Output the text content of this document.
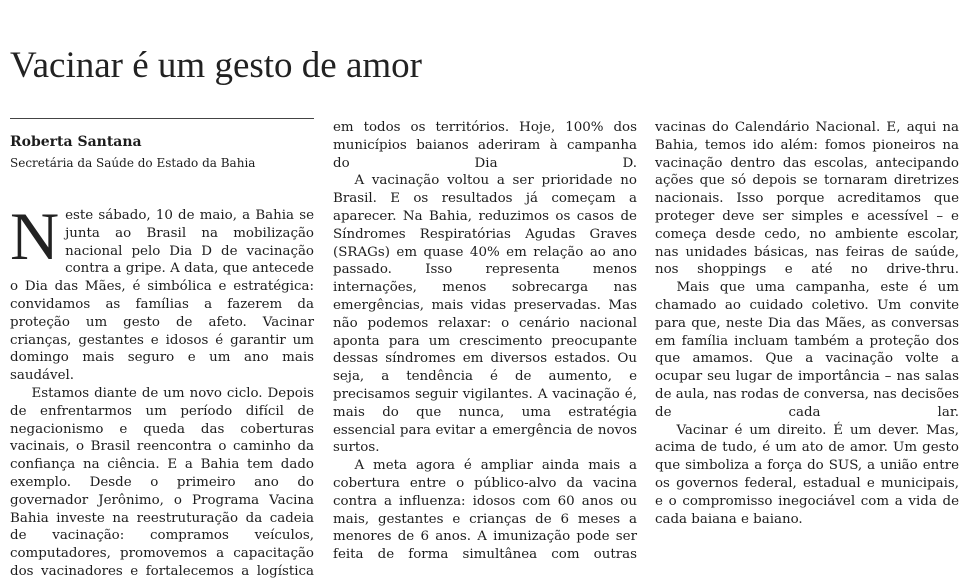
Vacinar é um gesto de amor
Roberta Santana
Secretária da Saúde do Estado da Bahia

Neste sábado, 10 de maio, a Bahia se junta ao Brasil na mobilização nacional pelo Dia D de vacinação contra a gripe. A data, que antecede o Dia das Mães, é simbólica e estratégica: convidamos as famílias a fazerem da proteção um gesto de afeto. Vacinar crianças, gestantes e idosos é garantir um domingo mais seguro e um ano mais saudável.

Estamos diante de um novo ciclo. Depois de enfrentarmos um período difícil de negacionismo e queda das coberturas vacinais, o Brasil reencontra o caminho da confiança na ciência. E a Bahia tem dado exemplo. Desde o primeiro ano do governador Jerônimo, o Programa Vacina Bahia investe na reestruturação da cadeia de vacinação: compramos veículos, computadores, promovemos a capacitação dos vacinadores e fortalecemos a logística

em todos os territórios. Hoje, 100% dos municípios baianos aderiram à campanha do Dia D.

A vacinação voltou a ser prioridade no Brasil. E os resultados já começam a aparecer. Na Bahia, reduzimos os casos de Síndromes Respiratórias Agudas Graves (SRAGs) em quase 40% em relação ao ano passado. Isso representa menos internações, menos sobrecarga nas emergências, mais vidas preservadas. Mas não podemos relaxar: o cenário nacional aponta para um crescimento preocupante dessas síndromes em diversos estados. Ou seja, a tendência é de aumento, e precisamos seguir vigilantes. A vacinação é, mais do que nunca, uma estratégia essencial para evitar a emergência de novos surtos.

A meta agora é ampliar ainda mais a cobertura entre o público-alvo da vacina contra a influenza: idosos com 60 anos ou mais, gestantes e crianças de 6 meses a menores de 6 anos. A imunização pode ser feita de forma simultânea com outras

vacinas do Calendário Nacional. E, aqui na Bahia, temos ido além: fomos pioneiros na vacinação dentro das escolas, antecipando ações que só depois se tornaram diretrizes nacionais. Isso porque acreditamos que proteger deve ser simples e acessível – e começa desde cedo, no ambiente escolar, nas unidades básicas, nas feiras de saúde, nos shoppings e até no drive-thru.

Mais que uma campanha, este é um chamado ao cuidado coletivo. Um convite para que, neste Dia das Mães, as conversas em família incluam também a proteção dos que amamos. Que a vacinação volte a ocupar seu lugar de importância – nas salas de aula, nas rodas de conversa, nas decisões de cada lar.

Vacinar é um direito. É um dever. Mas, acima de tudo, é um ato de amor. Um gesto que simboliza a força do SUS, a união entre os governos federal, estadual e municipais, e o compromisso inegociável com a vida de cada baiana e baiano.
